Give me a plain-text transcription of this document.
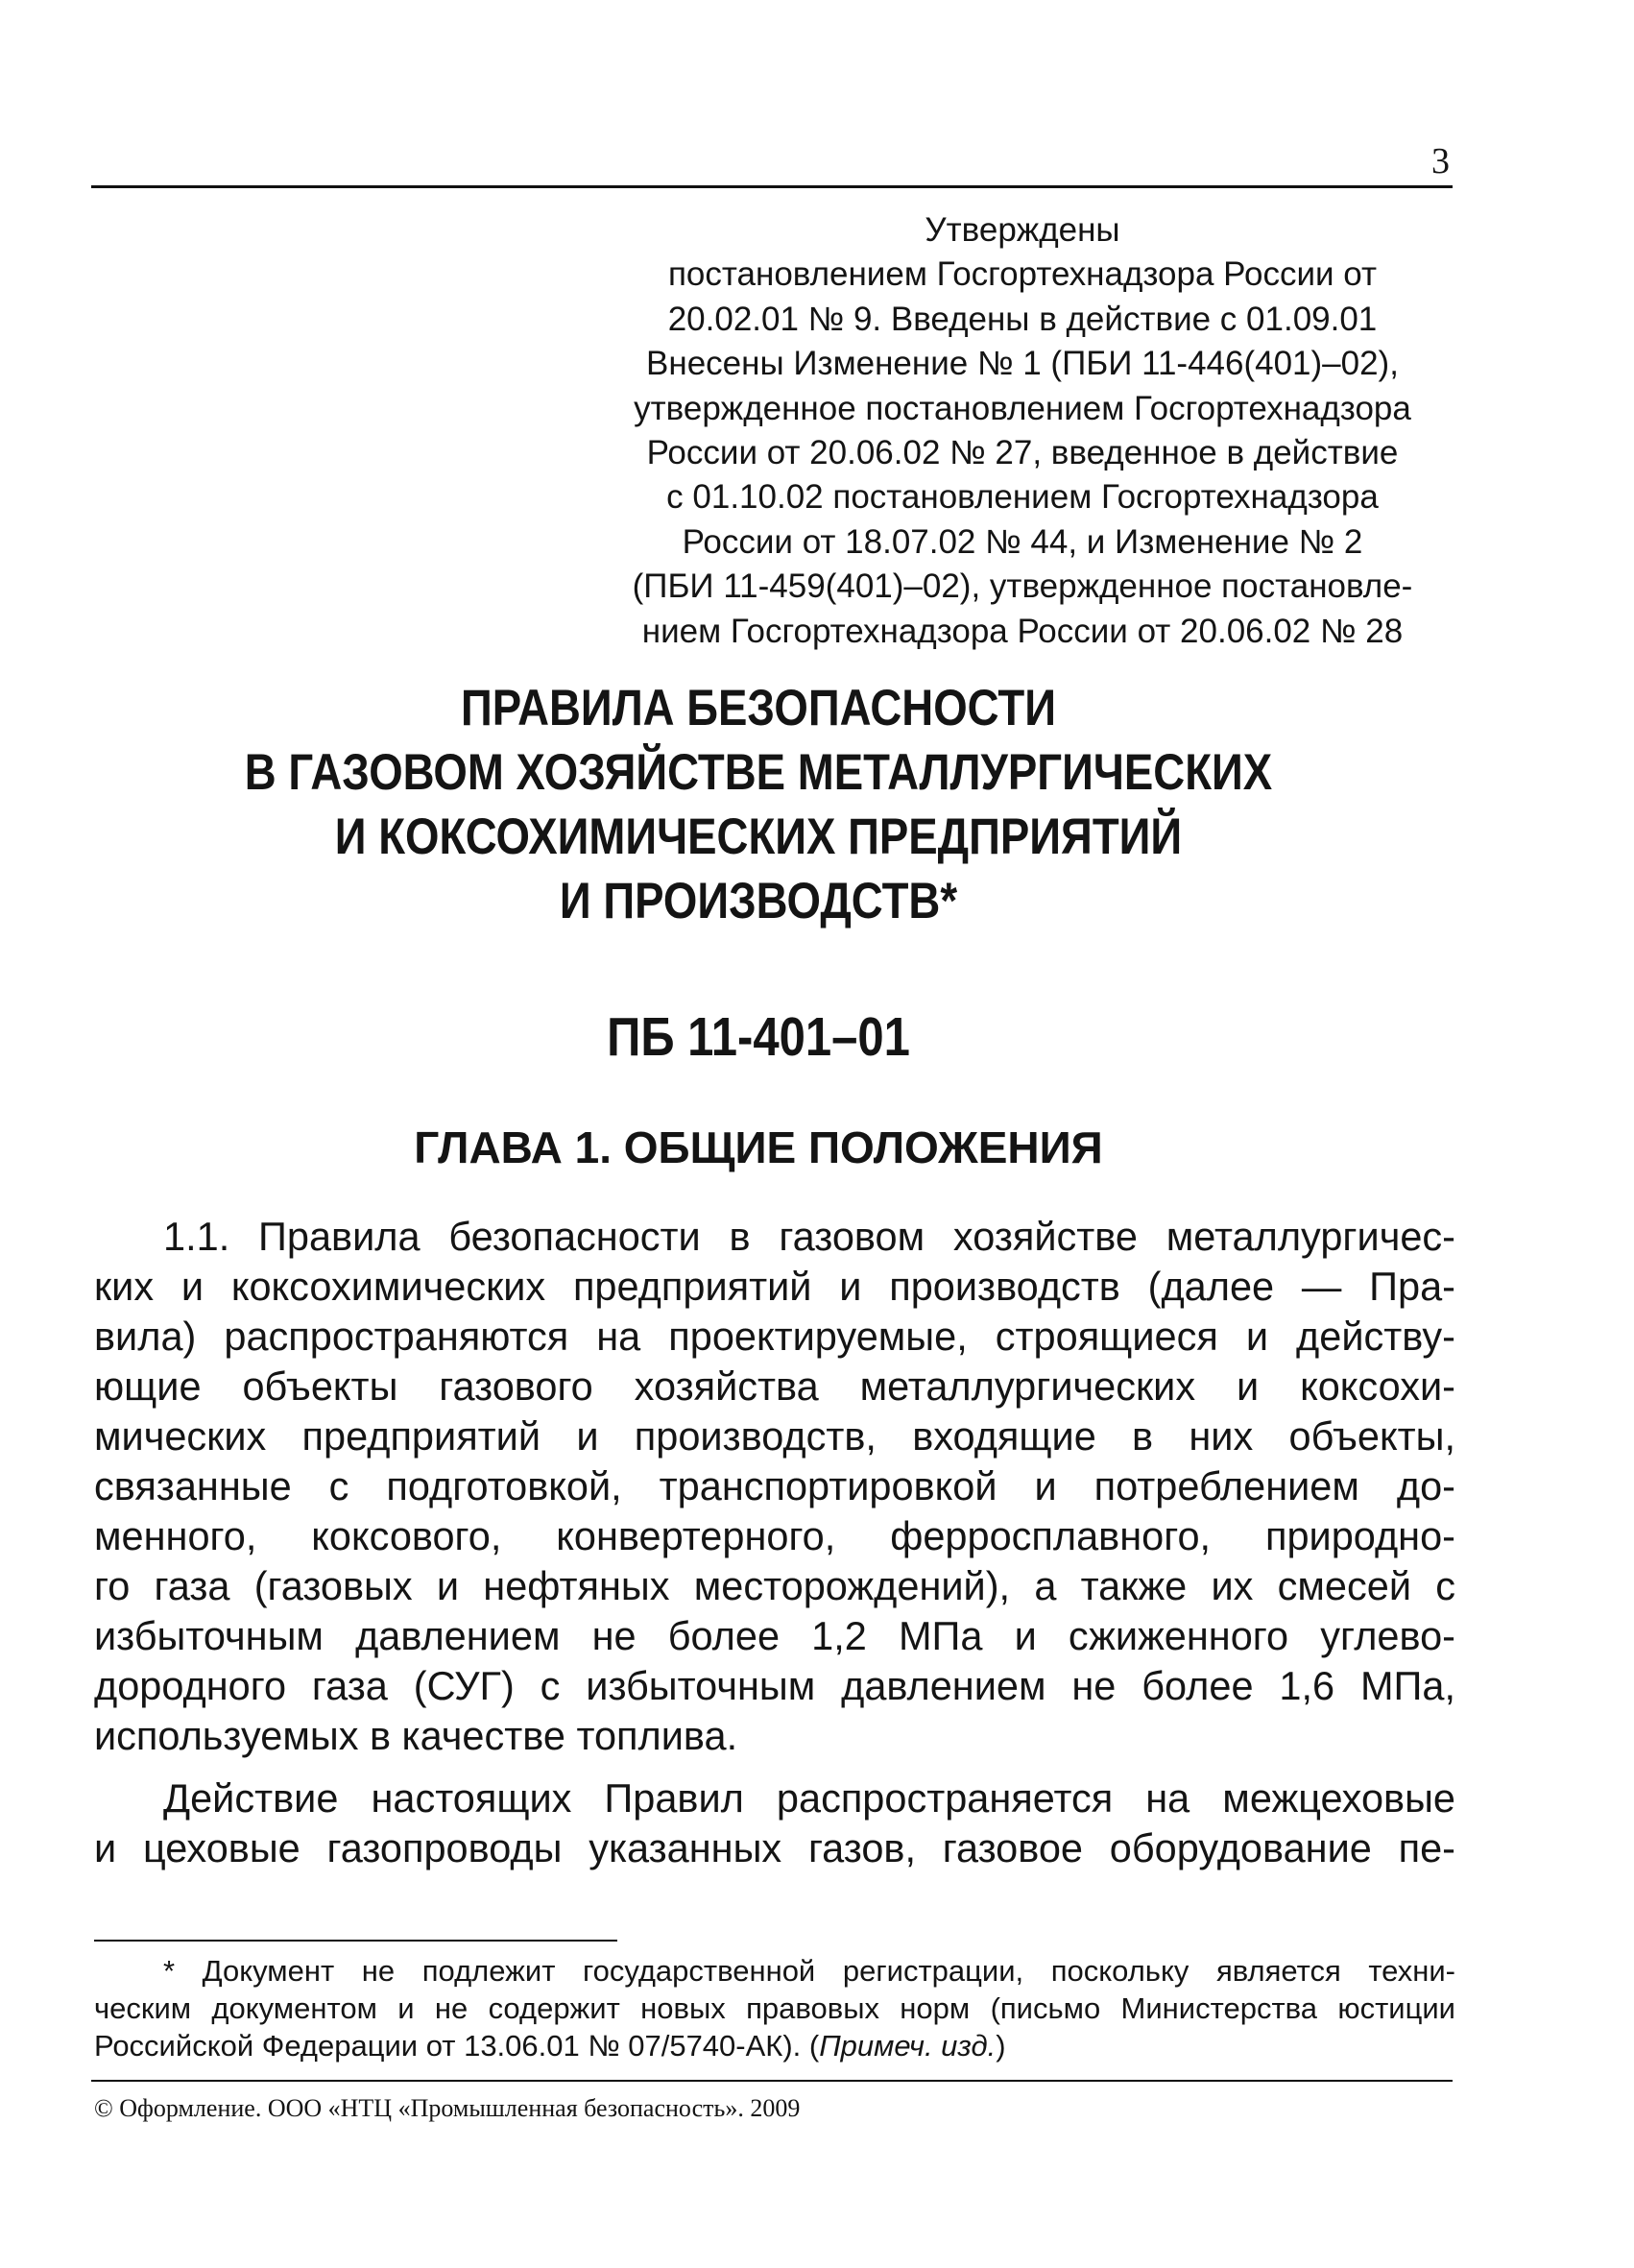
3
Утверждены
постановлением Госгортехнадзора России от
20.02.01 № 9. Введены в действие с 01.09.01
Внесены Изменение № 1 (ПБИ 11-446(401)–02),
утвержденное постановлением Госгортехнадзора
России от 20.06.02 № 27, введенное в действие
с 01.10.02 постановлением Госгортехнадзора
России от 18.07.02 № 44, и Изменение № 2
(ПБИ 11-459(401)–02), утвержденное постановле-
нием Госгортехнадзора России от 20.06.02 № 28
ПРАВИЛА БЕЗОПАСНОСТИ
В ГАЗОВОМ ХОЗЯЙСТВЕ МЕТАЛЛУРГИЧЕСКИХ
И КОКСОХИМИЧЕСКИХ ПРЕДПРИЯТИЙ
И ПРОИЗВОДСТВ*
ПБ 11-401–01
ГЛАВА 1. ОБЩИЕ ПОЛОЖЕНИЯ
1.1. Правила безопасности в газовом хозяйстве металлургичес-
ких и коксохимических предприятий и производств (далее — Пра-
вила) распространяются на проектируемые, строящиеся и действу-
ющие объекты газового хозяйства металлургических и коксохи-
мических предприятий и производств, входящие в них объекты,
связанные с подготовкой, транспортировкой и потреблением до-
менного, коксового, конвертерного, ферросплавного, природно-
го газа (газовых и нефтяных месторождений), а также их смесей с
избыточным давлением не более 1,2 МПа и сжиженного углево-
дородного газа (СУГ) с избыточным давлением не более 1,6 МПа,
используемых в качестве топлива.
Действие настоящих Правил распространяется на межцеховые
и цеховые газопроводы указанных газов, газовое оборудование пе-
* Документ не подлежит государственной регистрации, поскольку является техни-
ческим документом и не содержит новых правовых норм (письмо Министерства юстиции
Российской Федерации от 13.06.01 № 07/5740-АК). (Примеч. изд.)
© Оформление. ООО «НТЦ «Промышленная безопасность». 2009
